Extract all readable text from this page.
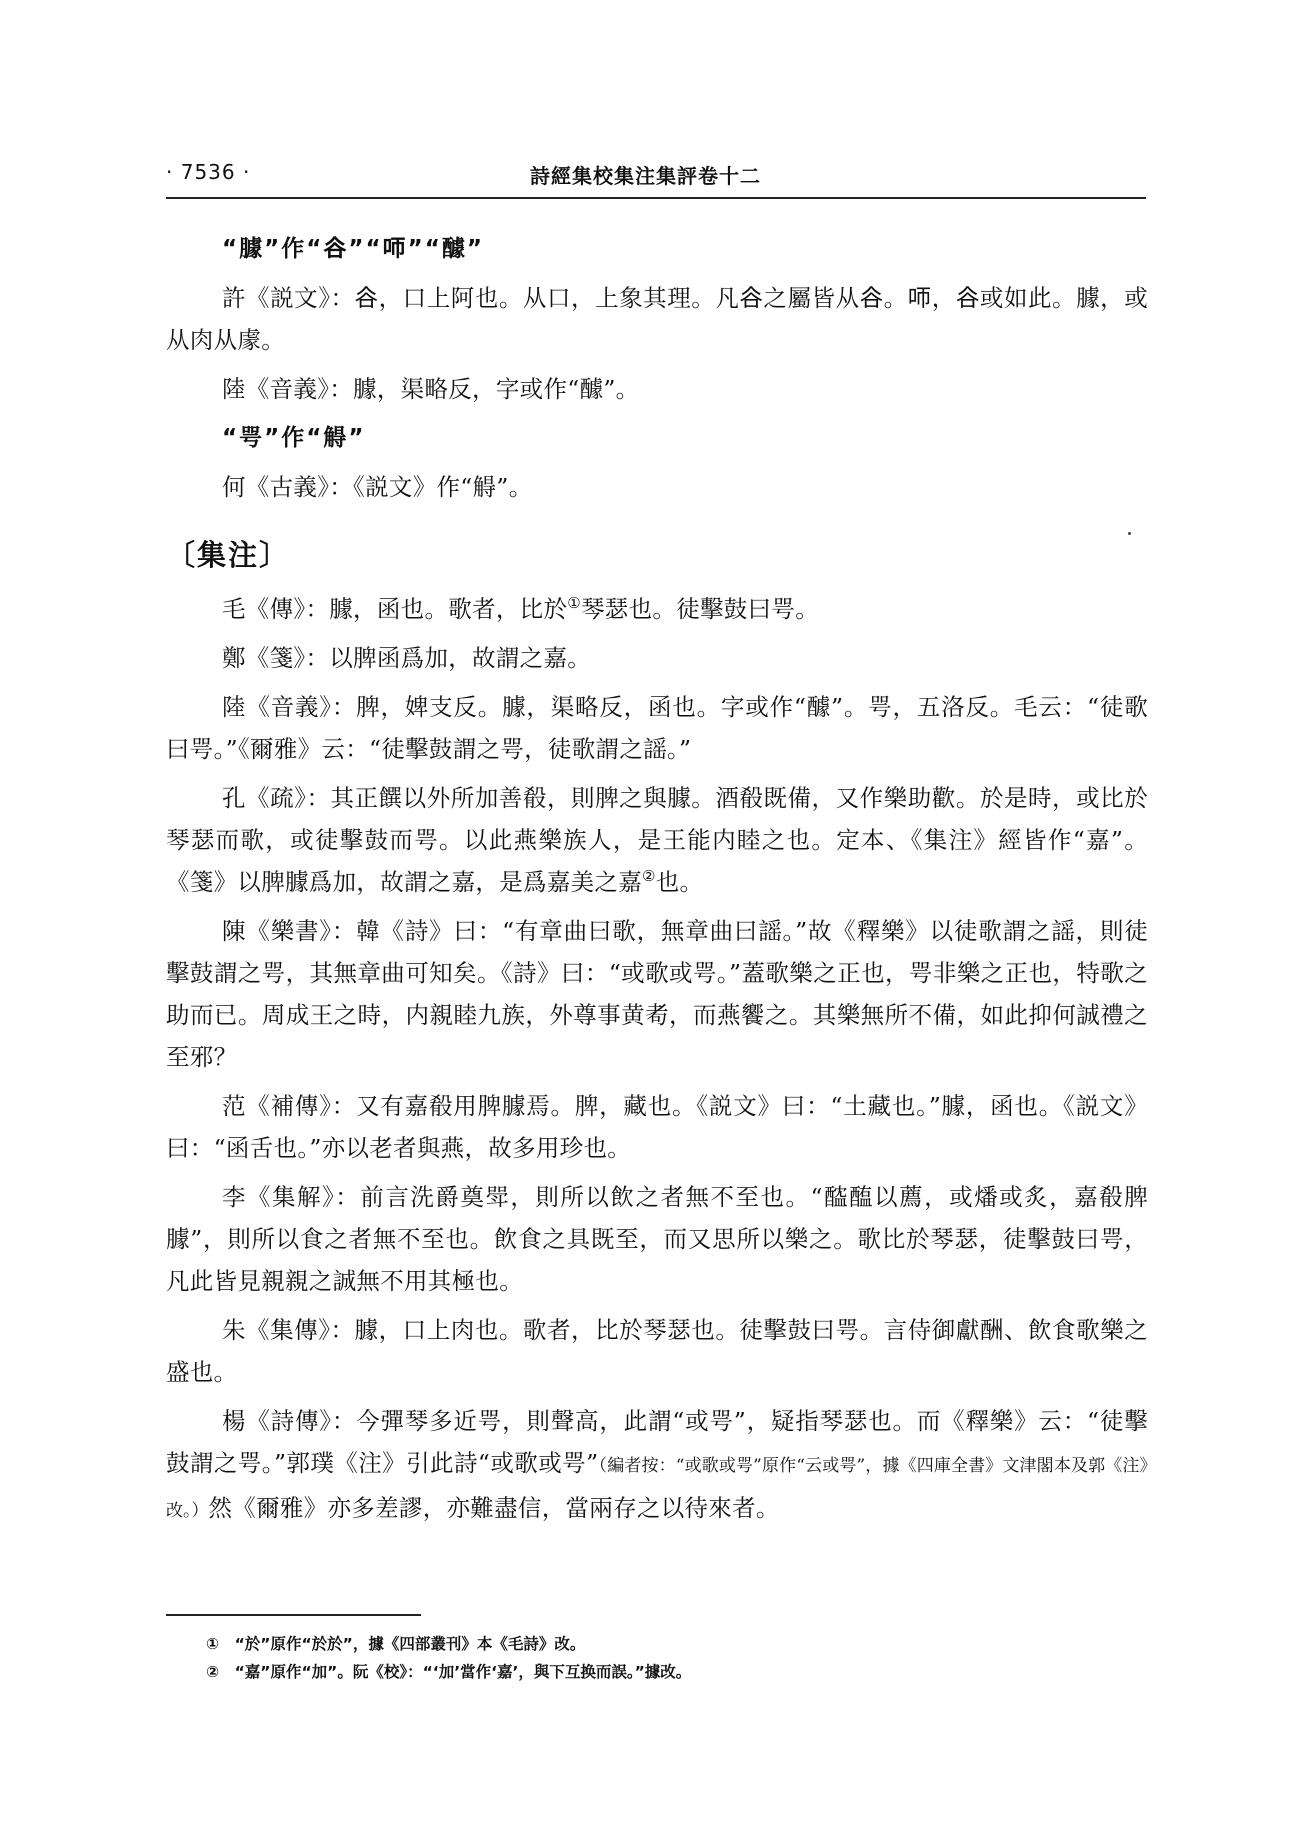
· 7536 ·	詩經集校集注集評卷十二
“臄”作“𧮫”“𠯗”“醵”

許《説文》：𧮫，口上阿也。从口，上象其理。凡𧮫之屬皆从𧮫。𠯗，𧮫或如此。臄，或从肉从豦。

陸《音義》：臄，渠略反，字或作“醵”。

“咢”作“䚟”

何《古義》：《説文》作“䚟”。

〔集注〕

毛《傳》：臄，函也。歌者，比於①琴瑟也。徒擊鼓曰咢。

鄭《箋》：以脾函爲加，故謂之嘉。

陸《音義》：脾，婢支反。臄，渠略反，函也。字或作“醵”。咢，五洛反。毛云：“徒歌曰咢。”《爾雅》云：“徒擊鼓謂之咢，徒歌謂之謡。”

孔《疏》：其正饌以外所加善殽，則脾之與臄。酒殽既備，又作樂助歡。於是時，或比於琴瑟而歌，或徒擊鼓而咢。以此燕樂族人，是王能内睦之也。定本、《集注》經皆作“嘉”。《箋》以脾臄爲加，故謂之嘉，是爲嘉美之嘉②也。

陳《樂書》：韓《詩》曰：“有章曲曰歌，無章曲曰謡。”故《釋樂》以徒歌謂之謡，則徒擊鼓謂之咢，其無章曲可知矣。《詩》曰：“或歌或咢。”蓋歌樂之正也，咢非樂之正也，特歌之助而已。周成王之時，内親睦九族，外尊事黄耇，而燕饗之。其樂無所不備，如此抑何誠禮之至邪？

范《補傳》：又有嘉殽用脾臄焉。脾，藏也。《説文》曰：“土藏也。”臄，函也。《説文》曰：“函舌也。”亦以老者與燕，故多用珍也。

李《集解》：前言洗爵奠斝，則所以飲之者無不至也。“醓醢以薦，或燔或炙，嘉殽脾臄”，則所以食之者無不至也。飲食之具既至，而又思所以樂之。歌比於琴瑟，徒擊鼓曰咢，凡此皆見親親之誠無不用其極也。

朱《集傳》：臄，口上肉也。歌者，比於琴瑟也。徒擊鼓曰咢。言侍御獻酬、飲食歌樂之盛也。

楊《詩傳》：今彈琴多近咢，則聲高，此謂“或咢”，疑指琴瑟也。而《釋樂》云：“徒擊鼓謂之咢。”郭璞《注》引此詩“或歌或咢”（編者按：“或歌或咢”原作“云或咢”，據《四庫全書》文津閣本及郭《注》改。）然《爾雅》亦多差謬，亦難盡信，當兩存之以待來者。

①　“於”原作“於於”，據《四部叢刊》本《毛詩》改。

②　“嘉”原作“加”。阮《校》：“‘加’當作‘嘉’，與下互换而誤。”據改。
